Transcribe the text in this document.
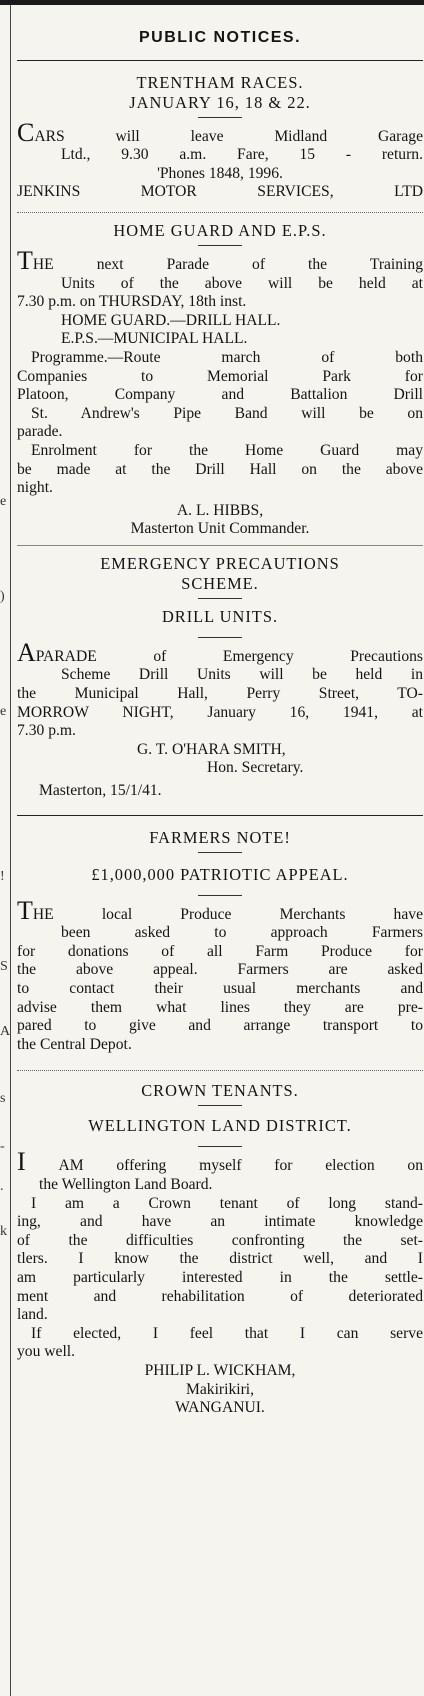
e
)
e
!
S
A
s
-
.
k
PUBLIC NOTICES.

TRENTHAM RACES.

JANUARY 16, 18 & 22.

CARS will leave Midland Garage

Ltd., 9.30 a.m. Fare, 15 - return.

'Phones 1848, 1996.

JENKINS MOTOR SERVICES, LTD

HOME GUARD AND E.P.S.

THE next Parade of the Training

Units of the above will be held at

7.30 p.m. on THURSDAY, 18th inst.

HOME GUARD.—DRILL HALL.

E.P.S.—MUNICIPAL HALL.

Programme.—Route march of both

Companies to Memorial Park for

Platoon, Company and Battalion Drill

St. Andrew's Pipe Band will be on

parade.

Enrolment for the Home Guard may

be made at the Drill Hall on the above

night.

A. L. HIBBS,

Masterton Unit Commander.

EMERGENCY PRECAUTIONS

SCHEME.

DRILL UNITS.

APARADE of Emergency Precautions

Scheme Drill Units will be held in

the Municipal Hall, Perry Street, TO-

MORROW NIGHT, January 16, 1941, at

7.30 p.m.

G. T. O'HARA SMITH,

Hon. Secretary.

Masterton, 15/1/41.

FARMERS NOTE!

£1,000,000 PATRIOTIC APPEAL.

THE local Produce Merchants have

been asked to approach Farmers

for donations of all Farm Produce for

the above appeal. Farmers are asked

to contact their usual merchants and

advise them what lines they are pre-

pared to give and arrange transport to

the Central Depot.

CROWN TENANTS.

WELLINGTON LAND DISTRICT.

I AM offering myself for election on

the Wellington Land Board.

I am a Crown tenant of long stand-

ing, and have an intimate knowledge

of the difficulties confronting the set-

tlers. I know the district well, and I

am particularly interested in the settle-

ment and rehabilitation of deteriorated

land.

If elected, I feel that I can serve

you well.

PHILIP L. WICKHAM,

Makirikiri,

WANGANUI.
